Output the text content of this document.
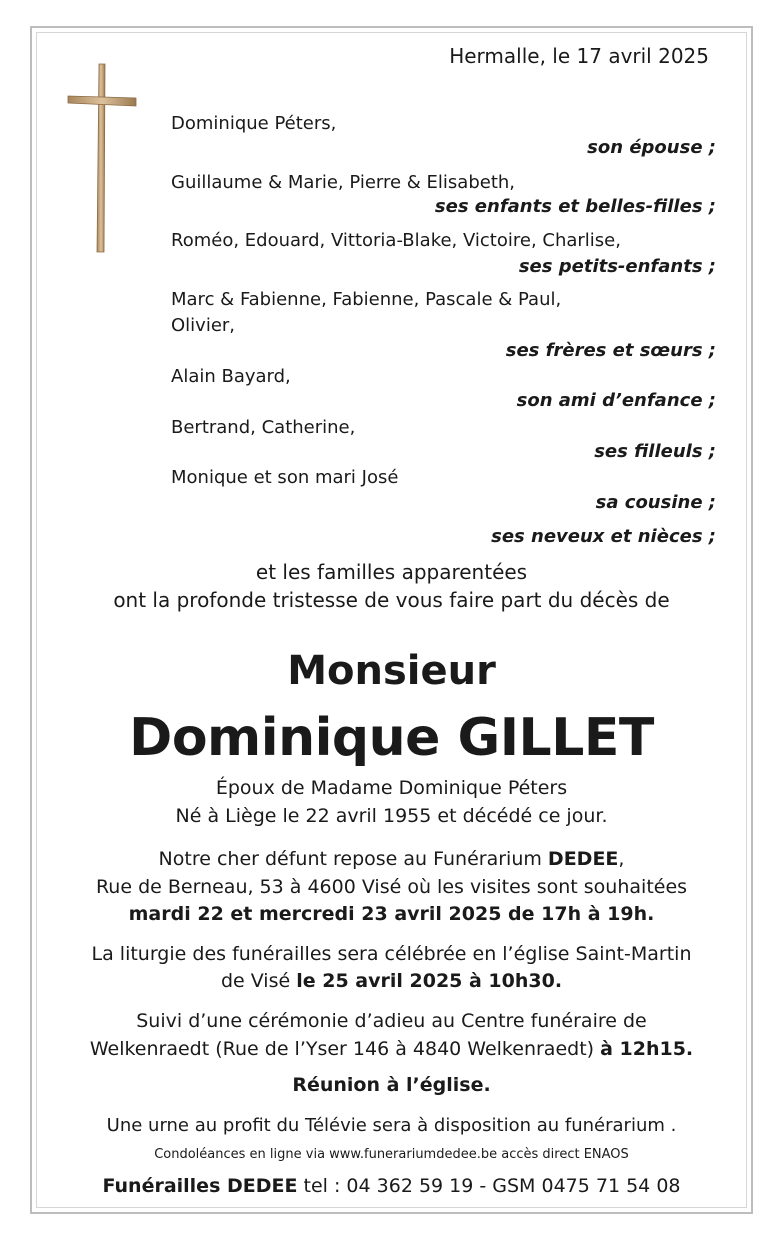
Hermalle, le 17 avril 2025
Dominique Péters,
son épouse ;
Guillaume & Marie, Pierre & Elisabeth,
ses enfants et belles-filles ;
Roméo, Edouard, Vittoria-Blake, Victoire, Charlise,
ses petits-enfants ;
Marc & Fabienne, Fabienne, Pascale & Paul,
Olivier,
ses frères et sœurs ;
Alain Bayard,
son ami d’enfance ;
Bertrand, Catherine,
ses filleuls ;
Monique et son mari José
sa cousine ;
ses neveux et nièces ;
et les familles apparentées
ont la profonde tristesse de vous faire part du décès de
Monsieur
Dominique GILLET
Époux de Madame Dominique Péters
Né à Liège le 22 avril 1955 et décédé ce jour.
Notre cher défunt repose au Funérarium DEDEE,
Rue de Berneau, 53 à 4600 Visé où les visites sont souhaitées
mardi 22 et mercredi 23 avril 2025 de 17h à 19h.
La liturgie des funérailles sera célébrée en l’église Saint-Martin
de Visé le 25 avril 2025 à 10h30.
Suivi d’une cérémonie d’adieu au Centre funéraire de
Welkenraedt (Rue de l’Yser 146 à 4840 Welkenraedt) à 12h15.
Réunion à l’église.
Une urne au profit du Télévie sera à disposition au funérarium .
Condoléances en ligne via www.funerariumdedee.be accès direct ENAOS
Funérailles DEDEE tel : 04 362 59 19 - GSM 0475 71 54 08
